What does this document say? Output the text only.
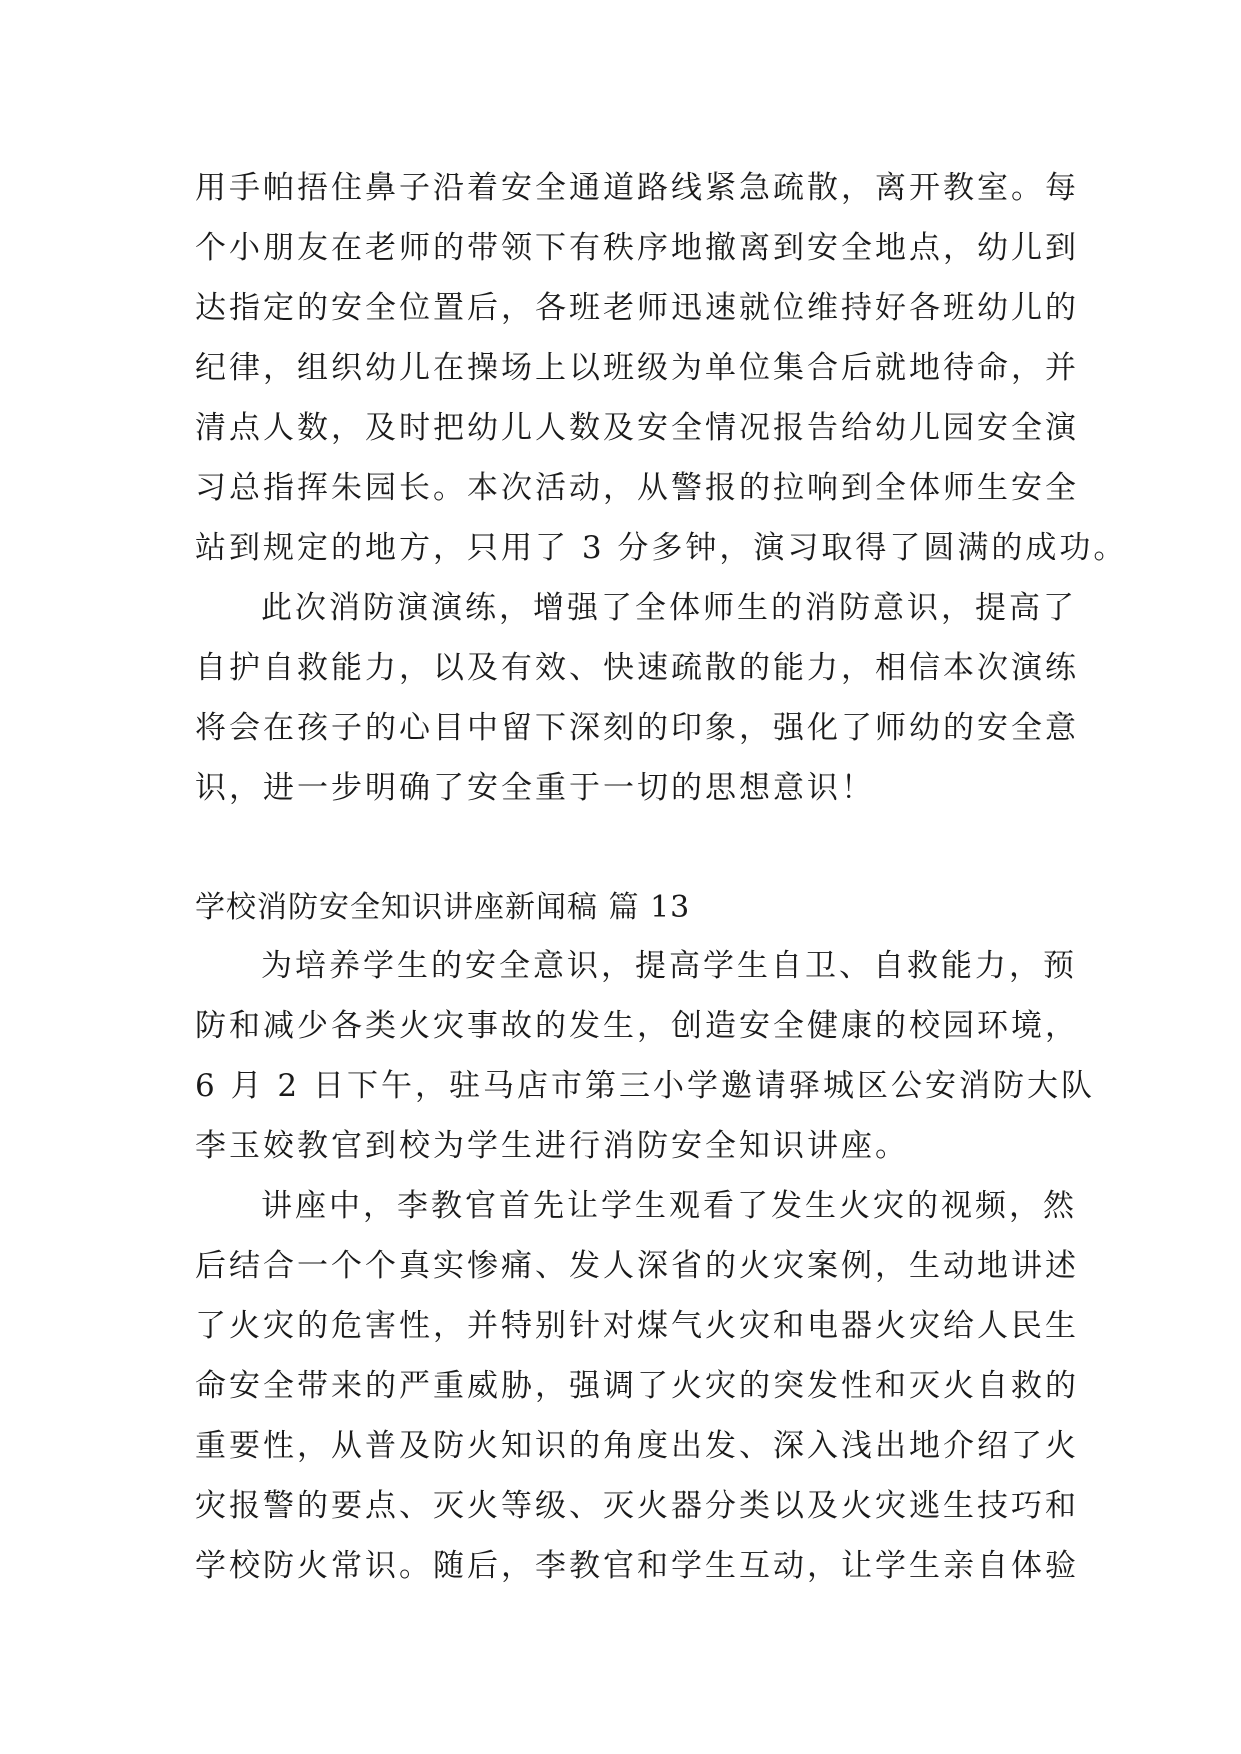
用手帕捂住鼻子沿着安全通道路线紧急疏散，离开教室。每
个小朋友在老师的带领下有秩序地撤离到安全地点，幼儿到
达指定的安全位置后，各班老师迅速就位维持好各班幼儿的
纪律，组织幼儿在操场上以班级为单位集合后就地待命，并
清点人数，及时把幼儿人数及安全情况报告给幼儿园安全演
习总指挥朱园长。本次活动，从警报的拉响到全体师生安全
站到规定的地方，只用了 3 分多钟，演习取得了圆满的成功。
此次消防演演练，增强了全体师生的消防意识，提高了
自护自救能力，以及有效、快速疏散的能力，相信本次演练
将会在孩子的心目中留下深刻的印象，强化了师幼的安全意
识，进一步明确了安全重于一切的思想意识！
学校消防安全知识讲座新闻稿 篇 13
为培养学生的安全意识，提高学生自卫、自救能力，预
防和减少各类火灾事故的发生，创造安全健康的校园环境，
6 月 2 日下午，驻马店市第三小学邀请驿城区公安消防大队
李玉姣教官到校为学生进行消防安全知识讲座。
讲座中，李教官首先让学生观看了发生火灾的视频，然
后结合一个个真实惨痛、发人深省的火灾案例，生动地讲述
了火灾的危害性，并特别针对煤气火灾和电器火灾给人民生
命安全带来的严重威胁，强调了火灾的突发性和灭火自救的
重要性，从普及防火知识的角度出发、深入浅出地介绍了火
灾报警的要点、灭火等级、灭火器分类以及火灾逃生技巧和
学校防火常识。随后，李教官和学生互动，让学生亲自体验
